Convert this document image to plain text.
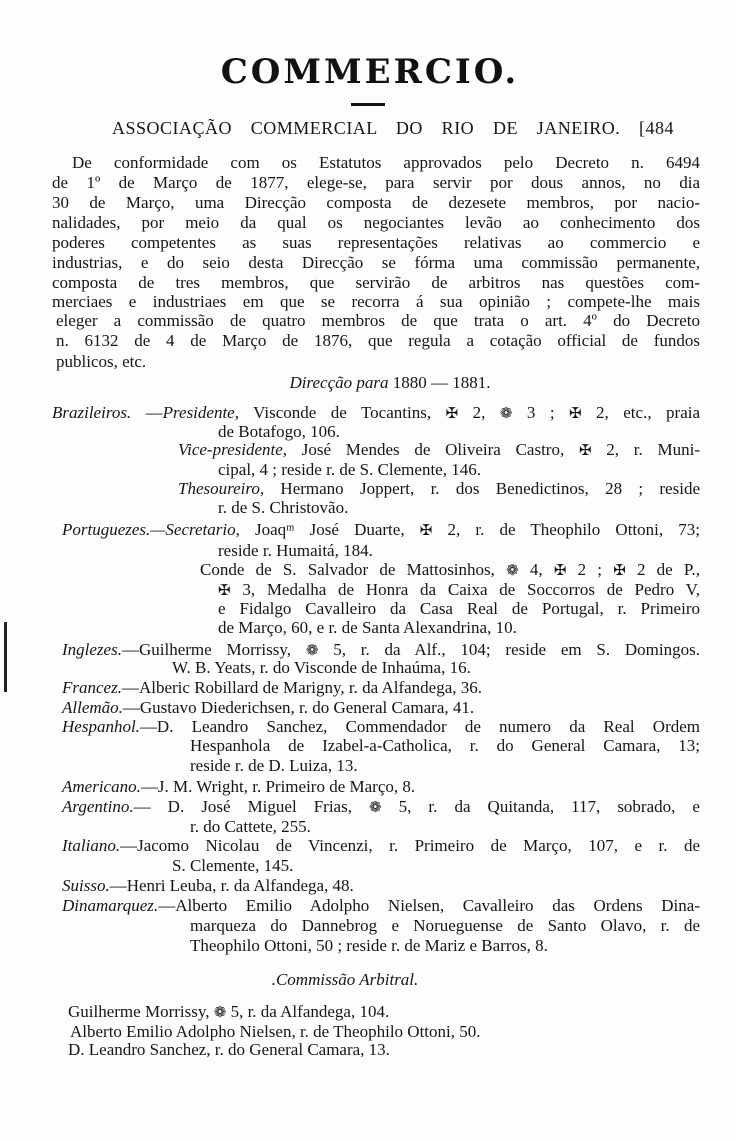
COMMERCIO.
ASSOCIAÇÃO COMMERCIAL DO RIO DE JANEIRO. [484
De conformidade com os Estatutos approvados pelo Decreto n. 6494
de 1º de Março de 1877, elege-se, para servir por dous annos, no dia
30 de Março, uma Direcção composta de dezesete membros, por nacio-
nalidades, por meio da qual os negociantes levão ao conhecimento dos
poderes competentes as suas representações relativas ao commercio e
industrias, e do seio desta Direcção se fórma uma commissão permanente,
composta de tres membros, que servirão de arbitros nas questões com-
merciaes e industriaes em que se recorra á sua opinião ; compete-lhe mais
eleger a commissão de quatro membros de que trata o art. 4º do Decreto
n. 6132 de 4 de Março de 1876, que regula a cotação official de fundos
publicos, etc.
Direcção para 1880 — 1881.
Brazileiros. —Presidente, Visconde de Tocantins, ✠ 2, ❁ 3 ; ✠ 2, etc., praia
de Botafogo, 106.
Vice-presidente, José Mendes de Oliveira Castro, ✠ 2, r. Muni-
cipal, 4 ; reside r. de S. Clemente, 146.
Thesoureiro, Hermano Joppert, r. dos Benedictinos, 28 ; reside
r. de S. Christovão.
Portuguezes.—Secretario, Joaqᵐ José Duarte, ✠ 2, r. de Theophilo Ottoni, 73;
reside r. Humaitá, 184.
Conde de S. Salvador de Mattosinhos, ❁ 4, ✠ 2 ; ✠ 2 de P.,
✠ 3, Medalha de Honra da Caixa de Soccorros de Pedro V,
e Fidalgo Cavalleiro da Casa Real de Portugal, r. Primeiro
de Março, 60, e r. de Santa Alexandrina, 10.
Inglezes.—Guilherme Morrissy, ❁ 5, r. da Alf., 104; reside em S. Domingos.
W. B. Yeats, r. do Visconde de Inhaúma, 16.
Francez.—Alberic Robillard de Marigny, r. da Alfandega, 36.
Allemão.—Gustavo Diederichsen, r. do General Camara, 41.
Hespanhol.—D. Leandro Sanchez, Commendador de numero da Real Ordem
Hespanhola de Izabel-a-Catholica, r. do General Camara, 13;
reside r. de D. Luiza, 13.
Americano.—J. M. Wright, r. Primeiro de Março, 8.
Argentino.— D. José Miguel Frias, ❁ 5, r. da Quitanda, 117, sobrado, e
r. do Cattete, 255.
Italiano.—Jacomo Nicolau de Vincenzi, r. Primeiro de Março, 107, e r. de
S. Clemente, 145.
Suisso.—Henri Leuba, r. da Alfandega, 48.
Dinamarquez.—Alberto Emilio Adolpho Nielsen, Cavalleiro das Ordens Dina-
marqueza do Dannebrog e Norueguense de Santo Olavo, r. de
Theophilo Ottoni, 50 ; reside r. de Mariz e Barros, 8.
.Commissão Arbitral.
Guilherme Morrissy, ❁ 5, r. da Alfandega, 104.
Alberto Emilio Adolpho Nielsen, r. de Theophilo Ottoni, 50.
D. Leandro Sanchez, r. do General Camara, 13.
